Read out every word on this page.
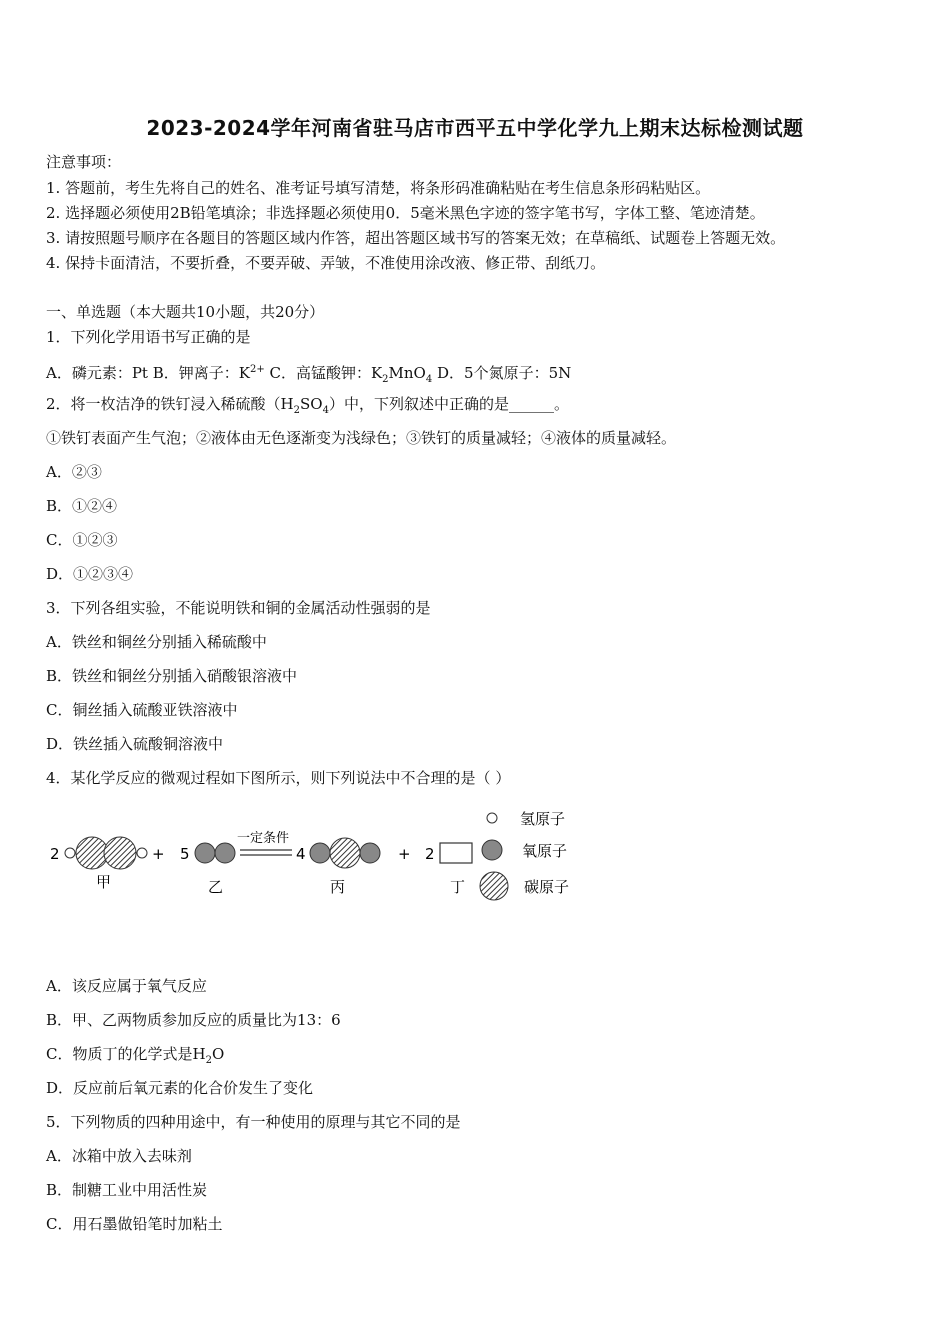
2023-2024学年河南省驻马店市西平五中学化学九上期末达标检测试题
注意事项：
1. 答题前，考生先将自己的姓名、准考证号填写清楚，将条形码准确粘贴在考生信息条形码粘贴区。
2. 选择题必须使用2B铅笔填涂；非选择题必须使用0．5毫米黑色字迹的签字笔书写，字体工整、笔迹清楚。
3. 请按照题号顺序在各题目的答题区域内作答，超出答题区域书写的答案无效；在草稿纸、试题卷上答题无效。
4. 保持卡面清洁，不要折叠，不要弄破、弄皱，不准使用涂改液、修正带、刮纸刀。
一、单选题（本大题共10小题，共20分）
1．下列化学用语书写正确的是
A．磷元素：Pt B．钾离子：$K^{2+}$ C．高锰酸钾：$K_2MnO_4$ D．5个氮原子：5N
2．将一枚洁净的铁钉浸入稀硫酸$(H_2SO_4)$中，下列叙述中正确的是______。
①铁钉表面产生气泡；②液体由无色逐渐变为浅绿色；③铁钉的质量减轻；④液体的质量减轻。
A．②③
B．①②④
C．①②③
D．①②③④
3．下列各组实验，不能说明铁和铜的金属活动性强弱的是
A．铁丝和铜丝分别插入稀硫酸中
B．铁丝和铜丝分别插入硝酸银溶液中
C．铜丝插入硫酸亚铁溶液中
D．铁丝插入硫酸铜溶液中
4．某化学反应的微观过程如下图所示，则下列说法中不合理的是（ ）
2	+
甲
5
乙
一定条件
4
丙
+ 2
丁
氢原子
氧原子
碳原子
A．该反应属于氧气反应
B．甲、乙两物质参加反应的质量比为13：6
C．物质丁的化学式是$H_2O$
D．反应前后氧元素的化合价发生了变化
5．下列物质的四种用途中，有一种使用的原理与其它不同的是
A．冰箱中放入去味剂
B．制糖工业中用活性炭
C．用石墨做铅笔时加粘土
